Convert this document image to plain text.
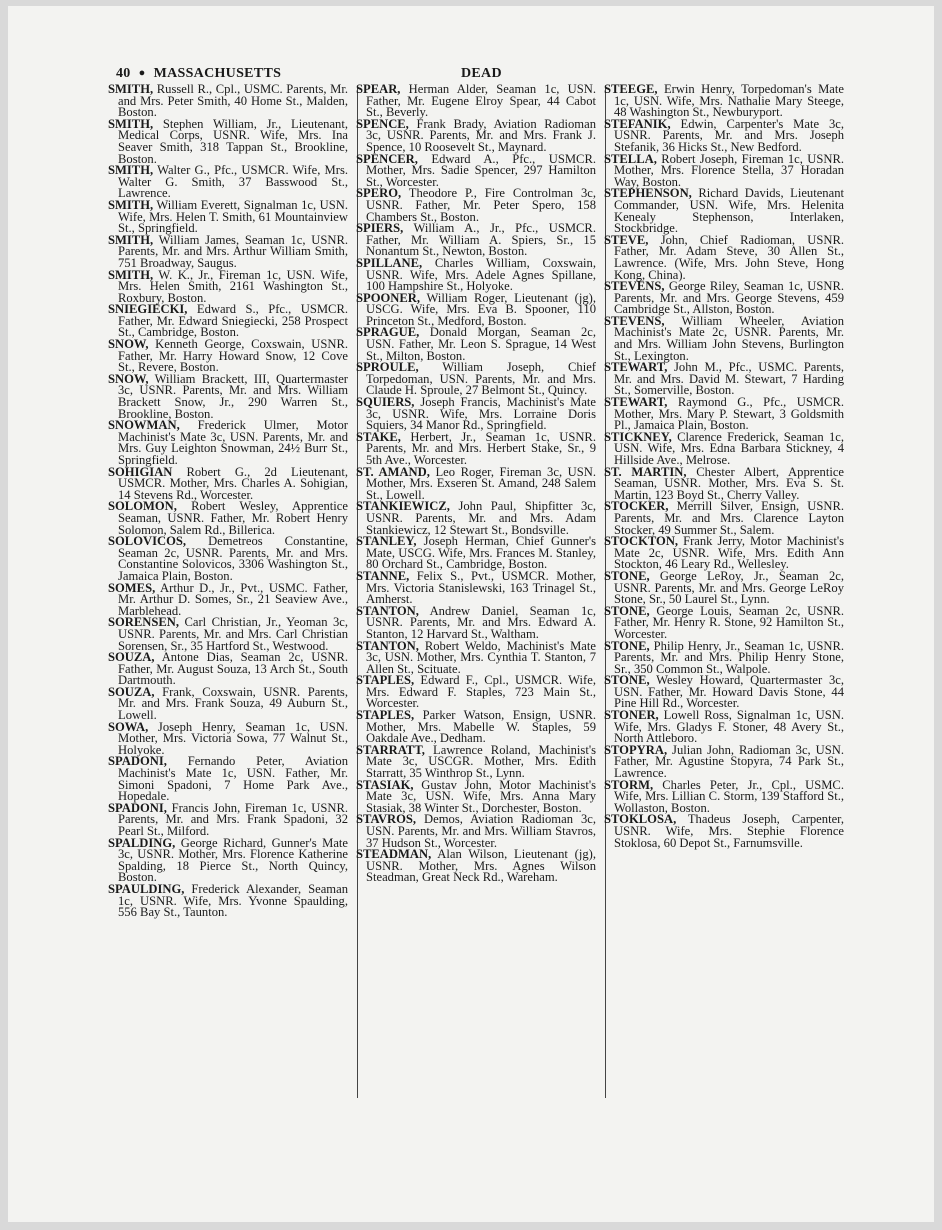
40 ● MASSACHUSETTS	DEAD

SMITH, Russell R., Cpl., USMC. Parents, Mr. and Mrs. Peter Smith, 40 Home St., Malden, Boston.

SMITH, Stephen William, Jr., Lieutenant, Medical Corps, USNR. Wife, Mrs. Ina Seaver Smith, 318 Tappan St., Brookline, Boston.

SMITH, Walter G., Pfc., USMCR. Wife, Mrs. Walter G. Smith, 37 Basswood St., Lawrence.

SMITH, William Everett, Signalman 1c, USN. Wife, Mrs. Helen T. Smith, 61 Mountainview St., Springfield.

SMITH, William James, Seaman 1c, USNR. Parents, Mr. and Mrs. Arthur William Smith, 751 Broadway, Saugus.

SMITH, W. K., Jr., Fireman 1c, USN. Wife, Mrs. Helen Smith, 2161 Washington St., Roxbury, Boston.

SNIEGIECKI, Edward S., Pfc., USMCR. Father, Mr. Edward Sniegiecki, 258 Prospect St., Cambridge, Boston.

SNOW, Kenneth George, Coxswain, USNR. Father, Mr. Harry Howard Snow, 12 Cove St., Revere, Boston.

SNOW, William Brackett, III, Quartermaster 3c, USNR. Parents, Mr. and Mrs. William Brackett Snow, Jr., 290 Warren St., Brookline, Boston.

SNOWMAN, Frederick Ulmer, Motor Machinist's Mate 3c, USN. Parents, Mr. and Mrs. Guy Leighton Snowman, 24½ Burr St., Springfield.

SOHIGIAN Robert G., 2d Lieutenant, USMCR. Mother, Mrs. Charles A. Sohigian, 14 Stevens Rd., Worcester.

SOLOMON, Robert Wesley, Apprentice Seaman, USNR. Father, Mr. Robert Henry Solomon, Salem Rd., Billerica.

SOLOVICOS, Demetreos Constantine, Seaman 2c, USNR. Parents, Mr. and Mrs. Constantine Solovicos, 3306 Washington St., Jamaica Plain, Boston.

SOMES, Arthur D., Jr., Pvt., USMC. Father, Mr. Arthur D. Somes, Sr., 21 Seaview Ave., Marblehead.

SORENSEN, Carl Christian, Jr., Yeoman 3c, USNR. Parents, Mr. and Mrs. Carl Christian Sorensen, Sr., 35 Hartford St., Westwood.

SOUZA, Antone Dias, Seaman 2c, USNR. Father, Mr. August Souza, 13 Arch St., South Dartmouth.

SOUZA, Frank, Coxswain, USNR. Parents, Mr. and Mrs. Frank Souza, 49 Auburn St., Lowell.

SOWA, Joseph Henry, Seaman 1c, USN. Mother, Mrs. Victoria Sowa, 77 Walnut St., Holyoke.

SPADONI, Fernando Peter, Aviation Machinist's Mate 1c, USN. Father, Mr. Simoni Spadoni, 7 Home Park Ave., Hopedale.

SPADONI, Francis John, Fireman 1c, USNR. Parents, Mr. and Mrs. Frank Spadoni, 32 Pearl St., Milford.

SPALDING, George Richard, Gunner's Mate 3c, USNR. Mother, Mrs. Florence Katherine Spalding, 18 Pierce St., North Quincy, Boston.

SPAULDING, Frederick Alexander, Seaman 1c, USNR. Wife, Mrs. Yvonne Spaulding, 556 Bay St., Taunton.

SPEAR, Herman Alder, Seaman 1c, USN. Father, Mr. Eugene Elroy Spear, 44 Cabot St., Beverly.

SPENCE, Frank Brady, Aviation Radioman 3c, USNR. Parents, Mr. and Mrs. Frank J. Spence, 10 Roosevelt St., Maynard.

SPENCER, Edward A., Pfc., USMCR. Mother, Mrs. Sadie Spencer, 297 Hamilton St., Worcester.

SPERO, Theodore P., Fire Controlman 3c, USNR. Father, Mr. Peter Spero, 158 Chambers St., Boston.

SPIERS, William A., Jr., Pfc., USMCR. Father, Mr. William A. Spiers, Sr., 15 Nonantum St., Newton, Boston.

SPILLANE, Charles William, Coxswain, USNR. Wife, Mrs. Adele Agnes Spillane, 100 Hampshire St., Holyoke.

SPOONER, William Roger, Lieutenant (jg), USCG. Wife, Mrs. Eva B. Spooner, 110 Princeton St., Medford, Boston.

SPRAGUE, Donald Morgan, Seaman 2c, USN. Father, Mr. Leon S. Sprague, 14 West St., Milton, Boston.

SPROULE, William Joseph, Chief Torpedoman, USN. Parents, Mr. and Mrs. Claude H. Sproule, 27 Belmont St., Quincy.

SQUIERS, Joseph Francis, Machinist's Mate 3c, USNR. Wife, Mrs. Lorraine Doris Squiers, 34 Manor Rd., Springfield.

STAKE, Herbert, Jr., Seaman 1c, USNR. Parents, Mr. and Mrs. Herbert Stake, Sr., 9 5th Ave., Worcester.

ST. AMAND, Leo Roger, Fireman 3c, USN. Mother, Mrs. Exseren St. Amand, 248 Salem St., Lowell.

STANKIEWICZ, John Paul, Shipfitter 3c, USNR. Parents, Mr. and Mrs. Adam Stankiewicz, 12 Stewart St., Bondsville.

STANLEY, Joseph Herman, Chief Gunner's Mate, USCG. Wife, Mrs. Frances M. Stanley, 80 Orchard St., Cambridge, Boston.

STANNE, Felix S., Pvt., USMCR. Mother, Mrs. Victoria Stanislewski, 163 Trinagel St., Amherst.

STANTON, Andrew Daniel, Seaman 1c, USNR. Parents, Mr. and Mrs. Edward A. Stanton, 12 Harvard St., Waltham.

STANTON, Robert Weldo, Machinist's Mate 3c, USN. Mother, Mrs. Cynthia T. Stanton, 7 Allen St., Scituate.

STAPLES, Edward F., Cpl., USMCR. Wife, Mrs. Edward F. Staples, 723 Main St., Worcester.

STAPLES, Parker Watson, Ensign, USNR. Mother, Mrs. Mabelle W. Staples, 59 Oakdale Ave., Dedham.

STARRATT, Lawrence Roland, Machinist's Mate 3c, USCGR. Mother, Mrs. Edith Starratt, 35 Winthrop St., Lynn.

STASIAK, Gustav John, Motor Machinist's Mate 3c, USN. Wife, Mrs. Anna Mary Stasiak, 38 Winter St., Dorchester, Boston.

STAVROS, Demos, Aviation Radioman 3c, USN. Parents, Mr. and Mrs. William Stavros, 37 Hudson St., Worcester.

STEADMAN, Alan Wilson, Lieutenant (jg), USNR. Mother, Mrs. Agnes Wilson Steadman, Great Neck Rd., Wareham.

STEEGE, Erwin Henry, Torpedoman's Mate 1c, USN. Wife, Mrs. Nathalie Mary Steege, 48 Washington St., Newburyport.

STEFANIK, Edwin, Carpenter's Mate 3c, USNR. Parents, Mr. and Mrs. Joseph Stefanik, 36 Hicks St., New Bedford.

STELLA, Robert Joseph, Fireman 1c, USNR. Mother, Mrs. Florence Stella, 37 Horadan Way, Boston.

STEPHENSON, Richard Davids, Lieutenant Commander, USN. Wife, Mrs. Helenita Kenealy Stephenson, Interlaken, Stockbridge.

STEVE, John, Chief Radioman, USNR. Father, Mr. Adam Steve, 30 Allen St., Lawrence. (Wife, Mrs. John Steve, Hong Kong, China).

STEVENS, George Riley, Seaman 1c, USNR. Parents, Mr. and Mrs. George Stevens, 459 Cambridge St., Allston, Boston.

STEVENS, William Wheeler, Aviation Machinist's Mate 2c, USNR. Parents, Mr. and Mrs. William John Stevens, Burlington St., Lexington.

STEWART, John M., Pfc., USMC. Parents, Mr. and Mrs. David M. Stewart, 7 Harding St., Somerville, Boston.

STEWART, Raymond G., Pfc., USMCR. Mother, Mrs. Mary P. Stewart, 3 Goldsmith Pl., Jamaica Plain, Boston.

STICKNEY, Clarence Frederick, Seaman 1c, USN. Wife, Mrs. Edna Barbara Stickney, 4 Hillside Ave., Melrose.

ST. MARTIN, Chester Albert, Apprentice Seaman, USNR. Mother, Mrs. Eva S. St. Martin, 123 Boyd St., Cherry Valley.

STOCKER, Merrill Silver, Ensign, USNR. Parents, Mr. and Mrs. Clarence Layton Stocker, 49 Summer St., Salem.

STOCKTON, Frank Jerry, Motor Machinist's Mate 2c, USNR. Wife, Mrs. Edith Ann Stockton, 46 Leary Rd., Wellesley.

STONE, George LeRoy, Jr., Seaman 2c, USNR. Parents, Mr. and Mrs. George LeRoy Stone, Sr., 50 Laurel St., Lynn.

STONE, George Louis, Seaman 2c, USNR. Father, Mr. Henry R. Stone, 92 Hamilton St., Worcester.

STONE, Philip Henry, Jr., Seaman 1c, USNR. Parents, Mr. and Mrs. Philip Henry Stone, Sr., 350 Common St., Walpole.

STONE, Wesley Howard, Quartermaster 3c, USN. Father, Mr. Howard Davis Stone, 44 Pine Hill Rd., Worcester.

STONER, Lowell Ross, Signalman 1c, USN. Wife, Mrs. Gladys F. Stoner, 48 Avery St., North Attleboro.

STOPYRA, Julian John, Radioman 3c, USN. Father, Mr. Agustine Stopyra, 74 Park St., Lawrence.

STORM, Charles Peter, Jr., Cpl., USMC. Wife, Mrs. Lillian C. Storm, 139 Stafford St., Wollaston, Boston.

STOKLOSA, Thadeus Joseph, Carpenter, USNR. Wife, Mrs. Stephie Florence Stoklosa, 60 Depot St., Farnumsville.
